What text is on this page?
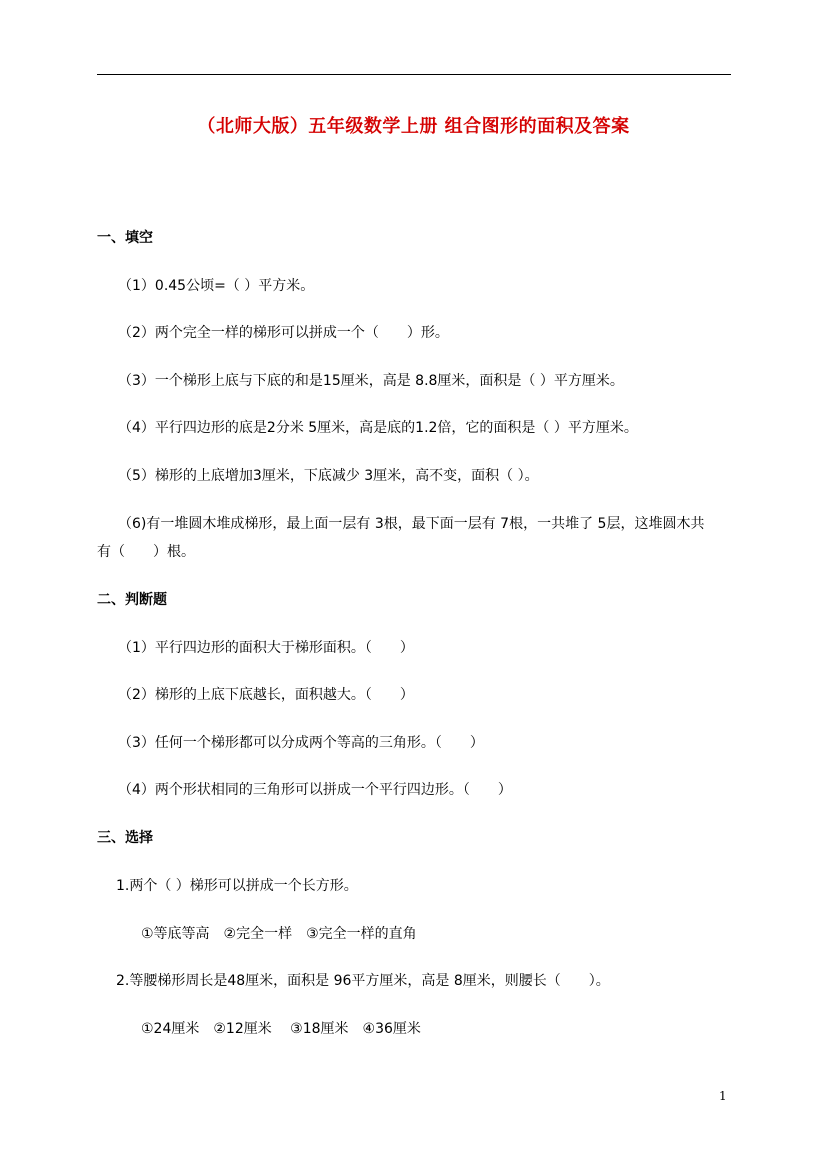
（北师大版）五年级数学上册 组合图形的面积及答案
一、填空
（1）0.45公顷=（ ）平方米。
（2）两个完全一样的梯形可以拼成一个（　　）形。
（3）一个梯形上底与下底的和是15厘米，高是 8.8厘米，面积是（ ）平方厘米。
（4）平行四边形的底是2分米 5厘米，高是底的1.2倍，它的面积是（ ）平方厘米。
（5）梯形的上底增加3厘米，下底减少 3厘米，高不变，面积（ ）。
（6)有一堆圆木堆成梯形，最上面一层有 3根，最下面一层有 7根，一共堆了 5层，这堆圆木共
有（　　）根。
二、判断题
（1）平行四边形的面积大于梯形面积。（　　）
（2）梯形的上底下底越长，面积越大。（　　）
（3）任何一个梯形都可以分成两个等高的三角形。（　　）
（4）两个形状相同的三角形可以拼成一个平行四边形。（　　）
三、选择
1.两个（ ）梯形可以拼成一个长方形。
①等底等高　②完全一样　③完全一样的直角
2.等腰梯形周长是48厘米，面积是 96平方厘米，高是 8厘米，则腰长（　　）。
①24厘米　②12厘米　 ③18厘米　④36厘米
1
